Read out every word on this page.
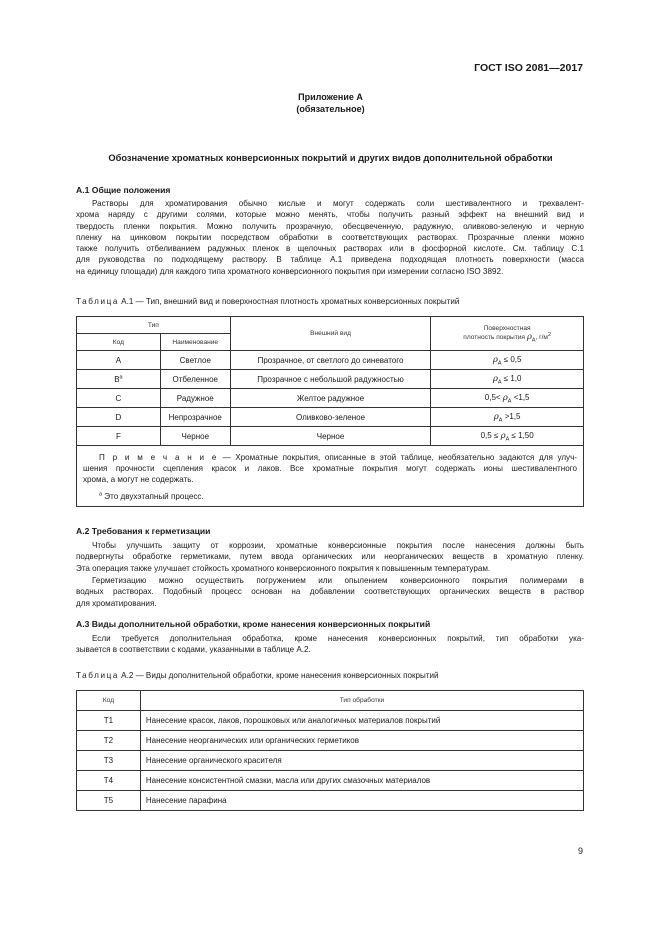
ГОСТ ISO 2081—2017
Приложение А
(обязательное)
Обозначение хроматных конверсионных покрытий и других видов дополнительной обработки
А.1 Общие положения
Растворы для хроматирования обычно кислые и могут содержать соли шестивалентного и трехвалент-
хрома наряду с другими солями, которые можно менять, чтобы получить разный эффект на внешний вид и
твердость пленки покрытия. Можно получить прозрачную, обесцвеченную, радужную, оливково-зеленую и черную
пленку на цинковом покрытии посредством обработки в соответствующих растворах. Прозрачные пленки можно
также получить отбеливанием радужных пленок в щелочных растворах или в фосфорной кислоте. См. таблицу С.1
для руководства по подходящему раствору. В таблице А.1 приведена подходящая плотность поверхности (масса
на единицу площади) для каждого типа хроматного конверсионного покрытия при измерении согласно ISO 3892.
Таблица А.1 — Тип, внешний вид и поверхностная плотность хроматных конверсионных покрытий
Тип		Внешний вид	Поверхностная
плотность покрытия $\rho_A$, $г/м^2$
Код	Наименование		
A	Светлое	Прозрачное, от светлого до синеватого	$\rho_A \le 0,5$
$B^a$	Отбеленное	Прозрачное с небольшой радужностью	$\rho_A \le 1,0$
C	Радужное	Желтое радужное	$0,5< \rho_A <1,5$
D	Непрозрачное	Оливково-зеленое	$\rho_A >1,5$
F	Черное	Черное	$0,5 \le \rho_A \le 1,50$

П р и м е ч а н и е — Хроматные покрытия, описанные в этой таблице, необязательно задаются для улуч-
шения прочности сцепления красок и лаков. Все хроматные покрытия могут содержать ионы шестивалентного
хрома, а могут не содержать.
$^a$ Это двухэтапный процесс.			
А.2 Требования к герметизации
Чтобы улучшить защиту от коррозии, хроматные конверсионные покрытия после нанесения должны быть
подвергнуты обработке герметиками, путем ввода органических или неорганических веществ в хроматную пленку.
Эта операция также улучшает стойкость хроматного конверсионного покрытия к повышенным температурам.
Герметизацию можно осуществить погружением или опылением конверсионного покрытия полимерами в
водных растворах. Подобный процесс основан на добавлении соответствующих органических веществ в раствор
для хроматирования.
А.3 Виды дополнительной обработки, кроме нанесения конверсионных покрытий
Если требуется дополнительная обработка, кроме нанесения конверсионных покрытий, тип обработки ука-
зывается в соответствии с кодами, указанными в таблице А.2.
Таблица А.2 — Виды дополнительной обработки, кроме нанесения конверсионных покрытий
Код	Тип обработки
T1	Нанесение красок, лаков, порошковых или аналогичных материалов покрытий
T2	Нанесение неорганических или органических герметиков
T3	Нанесение органического красителя
T4	Нанесение консистентной смазки, масла или других смазочных материалов
T5	Нанесение парафина
9
